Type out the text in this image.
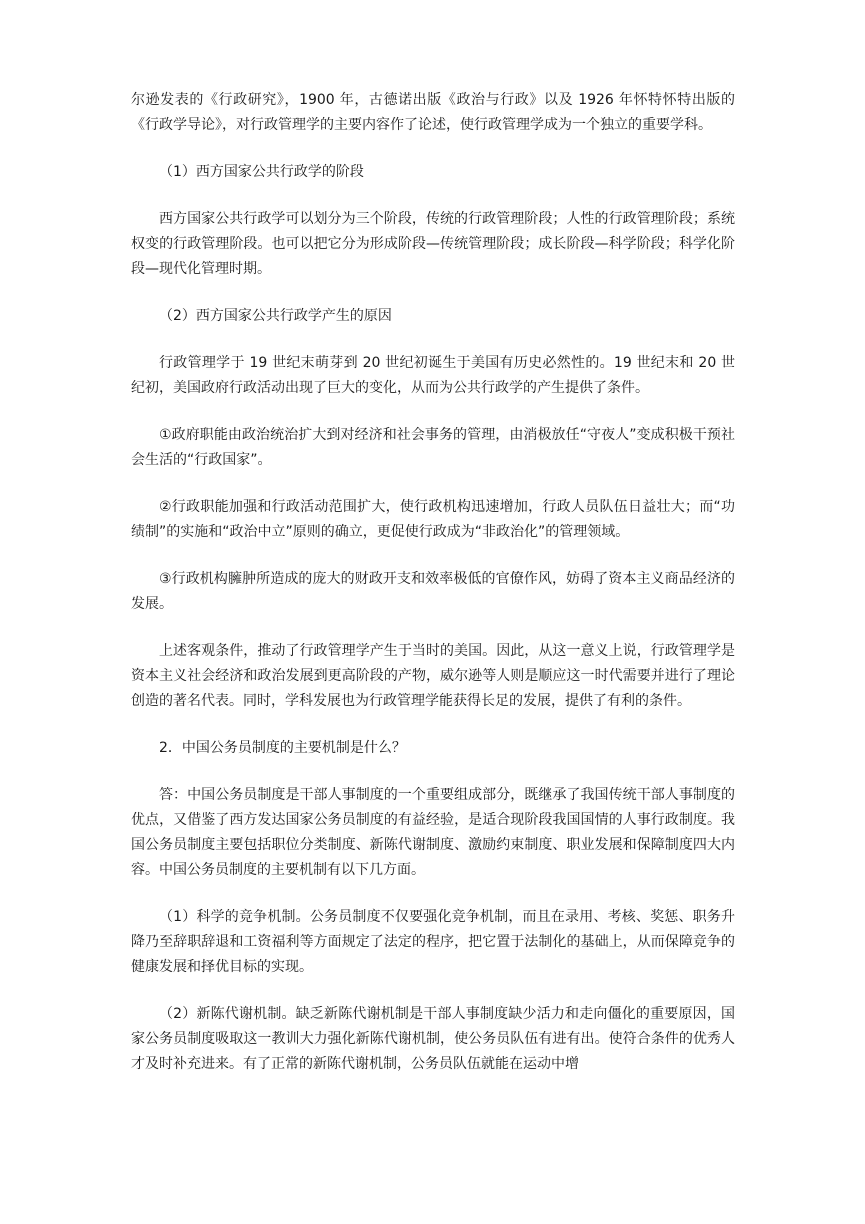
尔逊发表的《行政研究》，1900 年，古德诺出版《政治与行政》以及 1926 年怀特怀特出版的《行政学导论》，对行政管理学的主要内容作了论述，使行政管理学成为一个独立的重要学科。

（1）西方国家公共行政学的阶段

西方国家公共行政学可以划分为三个阶段，传统的行政管理阶段；人性的行政管理阶段；系统权变的行政管理阶段。也可以把它分为形成阶段—传统管理阶段；成长阶段—科学阶段；科学化阶段—现代化管理时期。

（2）西方国家公共行政学产生的原因

行政管理学于 19 世纪末萌芽到 20 世纪初诞生于美国有历史必然性的。19 世纪末和 20 世纪初，美国政府行政活动出现了巨大的变化，从而为公共行政学的产生提供了条件。

①政府职能由政治统治扩大到对经济和社会事务的管理，由消极放任“守夜人”变成积极干预社会生活的“行政国家”。

②行政职能加强和行政活动范围扩大，使行政机构迅速增加，行政人员队伍日益壮大；而“功绩制”的实施和“政治中立”原则的确立，更促使行政成为“非政治化”的管理领域。

③行政机构臃肿所造成的庞大的财政开支和效率极低的官僚作风，妨碍了资本主义商品经济的发展。

上述客观条件，推动了行政管理学产生于当时的美国。因此，从这一意义上说，行政管理学是资本主义社会经济和政治发展到更高阶段的产物，威尔逊等人则是顺应这一时代需要并进行了理论创造的著名代表。同时，学科发展也为行政管理学能获得长足的发展，提供了有利的条件。

2．中国公务员制度的主要机制是什么？

答：中国公务员制度是干部人事制度的一个重要组成部分，既继承了我国传统干部人事制度的优点，又借鉴了西方发达国家公务员制度的有益经验，是适合现阶段我国国情的人事行政制度。我国公务员制度主要包括职位分类制度、新陈代谢制度、激励约束制度、职业发展和保障制度四大内容。中国公务员制度的主要机制有以下几方面。

（1）科学的竞争机制。公务员制度不仅要强化竞争机制，而且在录用、考核、奖惩、职务升降乃至辞职辞退和工资福利等方面规定了法定的程序，把它置于法制化的基础上，从而保障竞争的健康发展和择优目标的实现。

（2）新陈代谢机制。缺乏新陈代谢机制是干部人事制度缺少活力和走向僵化的重要原因，国家公务员制度吸取这一教训大力强化新陈代谢机制，使公务员队伍有进有出。使符合条件的优秀人才及时补充进来。有了正常的新陈代谢机制，公务员队伍就能在运动中增
